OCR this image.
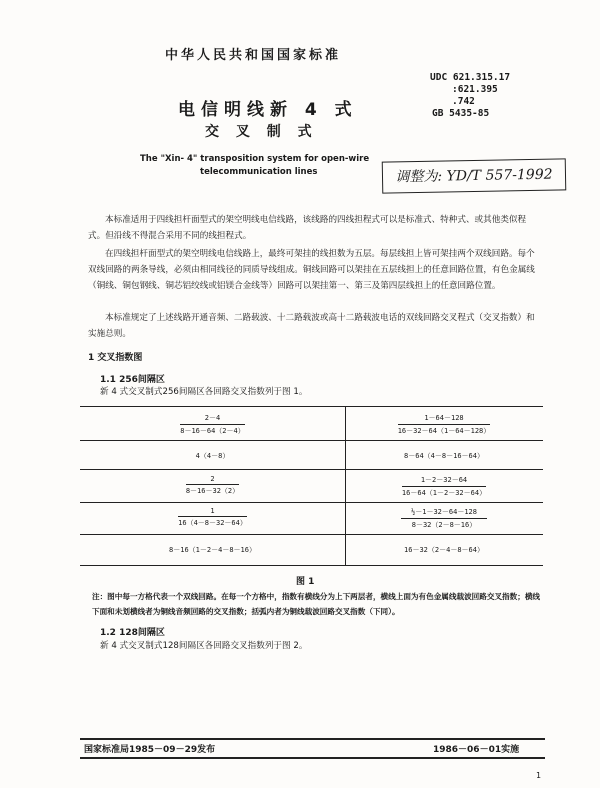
中华人民共和国国家标准
UDC 621.315.17
:621.395
.742
GB 5435-85
电信明线新 4 式
交 叉 制 式
The "Xin- 4" transposition system for open-wire
telecommunication lines	调整为: YD/T 557-1992
本标准适用于四线担杆面型式的架空明线电信线路，该线路的四线担程式可以是标准式、特种式、或其他类似程式。但沿线不得混合采用不同的线担程式。
在四线担杆面型式的架空明线电信线路上，最终可架挂的线担数为五层。每层线担上皆可架挂两个双线回路。每个双线回路的两条导线，必须由相同线径的同质导线组成。铜线回路可以架挂在五层线担上的任意回路位置，有色金属线（铜线、铜包钢线、铜芯铝绞线或铝镁合金线等）回路可以架挂第一、第三及第四层线担上的任意回路位置。
本标准规定了上述线路开通音频、二路载波、十二路载波或高十二路载波电话的双线回路交叉程式（交叉指数）和实施总则。
1 交叉指数图
1.1 256间隔区
新 4 式交叉制式256间隔区各回路交叉指数列于图 1。
$\frac{2-4}{8-16-64(2-4)}$	$\frac{1-64-128}{16-32-64(1-64-128)}$
4（4－8）	8－64（4－8－16－64）
$\frac{2}{8-16-32(2)}$	$\frac{1-2-32-64}{16-64(1-2-32-64)}$
$\frac{1}{16(4-8-32-64)}$	$\frac{\text{½－1－32－64－128}}{8-32(2-8-16)}$
8－16（1－2－4－8－16）	16－32（2－4－8－64）
图 1
注：图中每一方格代表一个双线回路。在每一个方格中，指数有横线分为上下两层者，横线上面为有色金属线载波回路交叉指数；横线下面和未划横线者为铜线音频回路的交叉指数；括弧内者为铜线载波回路交叉指数（下同）。
1.2 128间隔区
新 4 式交叉制式128间隔区各回路交叉指数列于图 2。
国家标准局1985－09－29发布	1986－06－01实施
1
